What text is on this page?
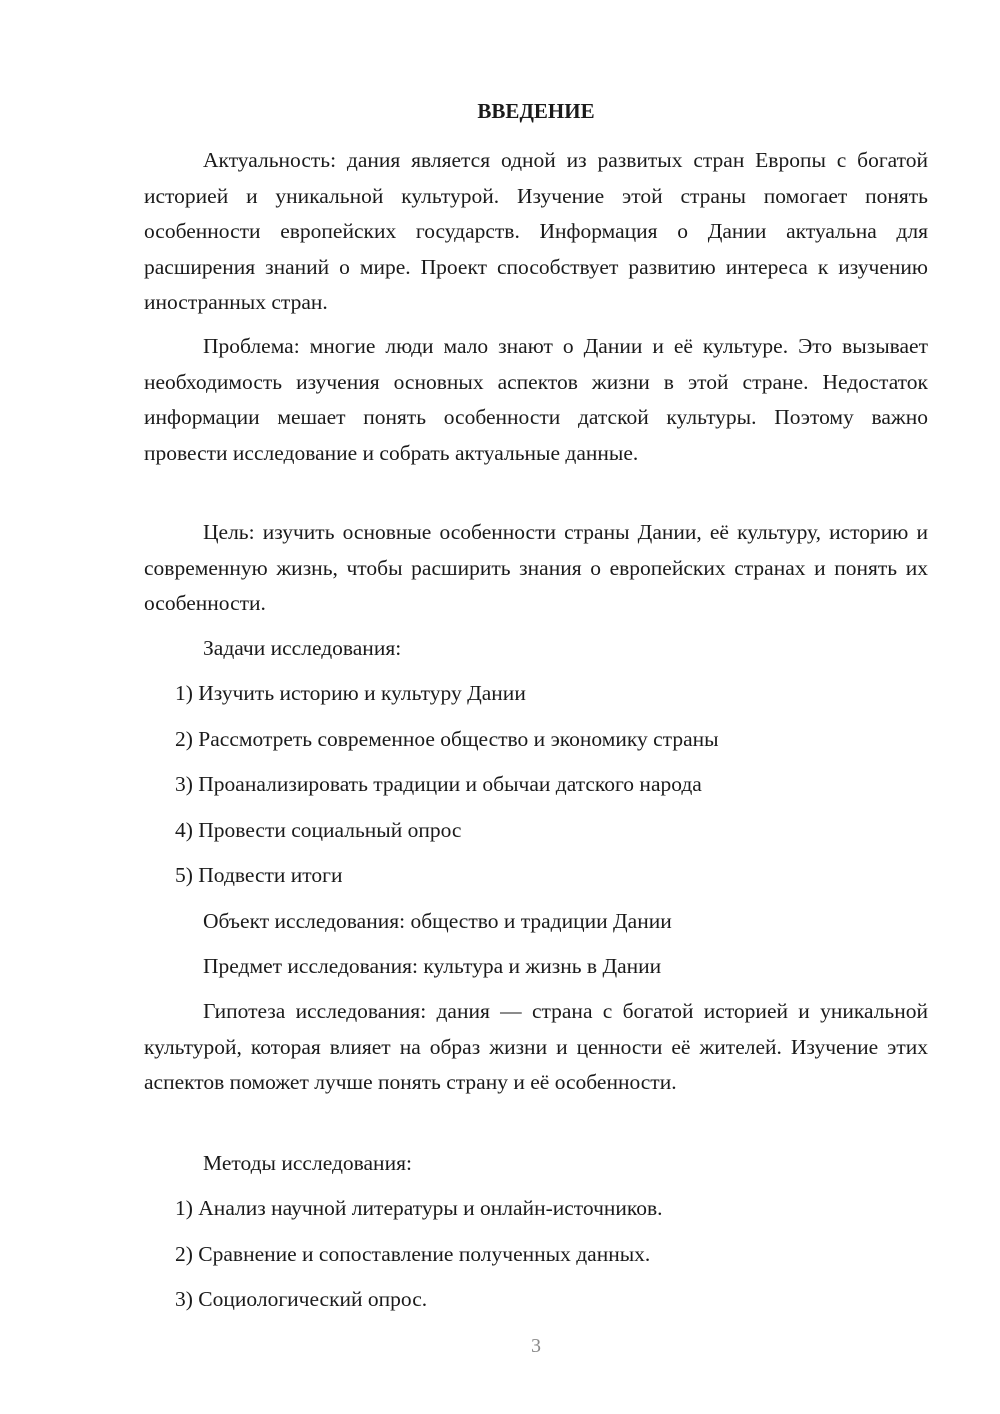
ВВЕДЕНИЕ

Актуальность: дания является одной из развитых стран Европы с богатой историей и уникальной культурой. Изучение этой страны помогает понять особенности европейских государств. Информация о Дании актуальна для расширения знаний о мире. Проект способствует развитию интереса к изучению иностранных стран.

Проблема: многие люди мало знают о Дании и её культуре. Это вызывает необходимость изучения основных аспектов жизни в этой стране. Недостаток информации мешает понять особенности датской культуры. Поэтому важно провести исследование и собрать актуальные данные.

Цель: изучить основные особенности страны Дании, её культуру, историю и современную жизнь, чтобы расширить знания о европейских странах и понять их особенности.

Задачи исследования:

1) Изучить историю и культуру Дании

2) Рассмотреть современное общество и экономику страны

3) Проанализировать традиции и обычаи датского народа

4) Провести социальный опрос

5) Подвести итоги

Объект исследования: общество и традиции Дании

Предмет исследования: культура и жизнь в Дании

Гипотеза исследования: дания — страна с богатой историей и уникальной культурой, которая влияет на образ жизни и ценности её жителей. Изучение этих аспектов поможет лучше понять страну и её особенности.

Методы исследования:

1) Анализ научной литературы и онлайн-источников.

2) Сравнение и сопоставление полученных данных.

3) Социологический опрос.

3
